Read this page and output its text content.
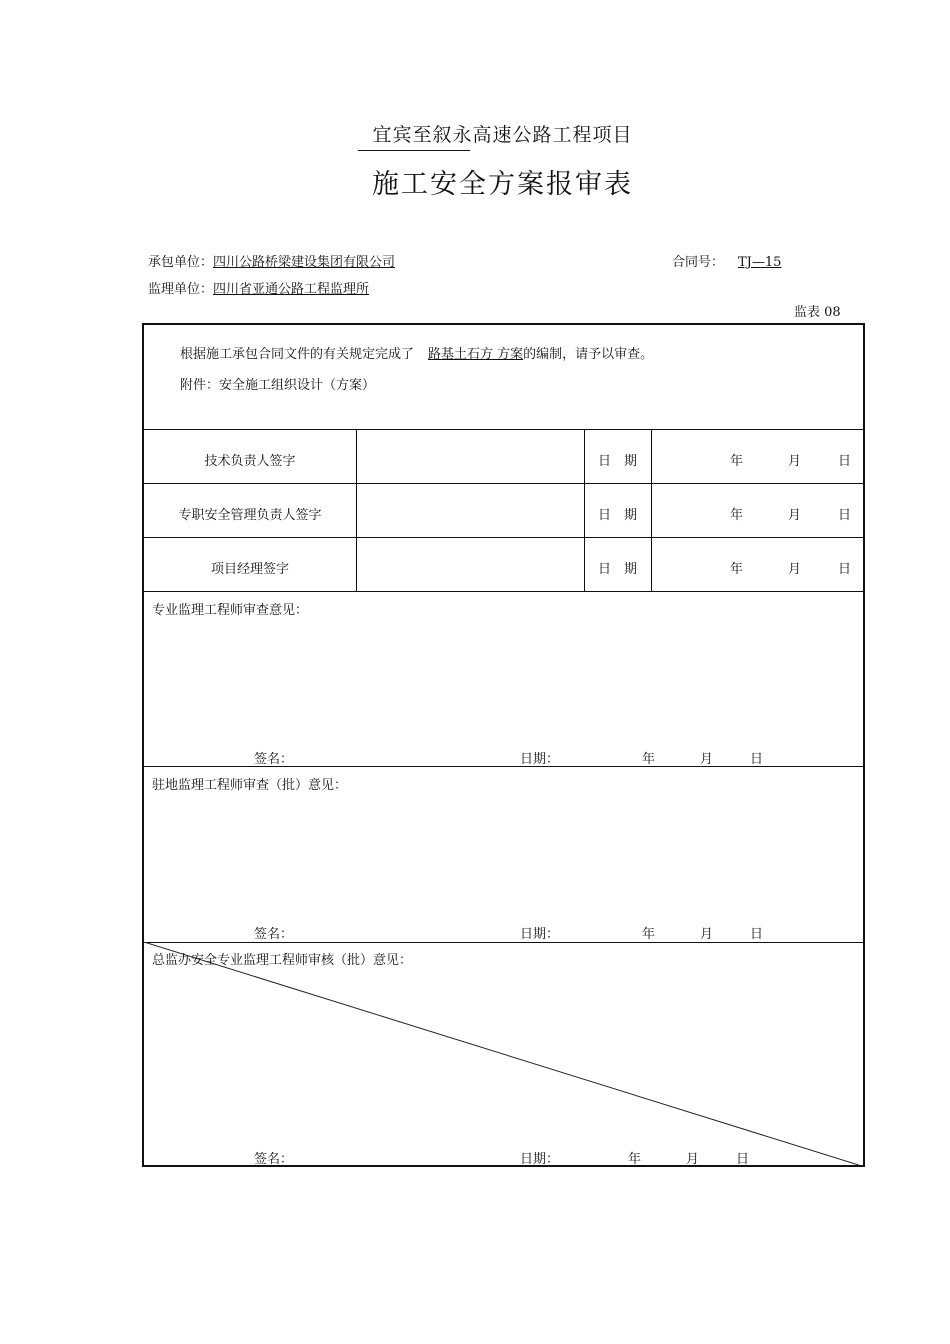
宜宾至叙永高速公路工程项目
施工安全方案报审表
承包单位：四川公路桥梁建设集团有限公司	合同号： TJ—15
监理单位：四川省亚通公路工程监理所
监表 08
根据施工承包合同文件的有关规定完成了 路基土石方 方案的编制，请予以审查。
附件：安全施工组织设计（方案）
技术负责人签字	日　期	年	月	日
专职安全管理负责人签字	日　期	年	月	日
项目经理签字	日　期	年	月	日
专业监理工程师审查意见：
签名：	日期：	年	月	日
驻地监理工程师审查（批）意见：
签名：	日期：	年	月	日
总监办安全专业监理工程师审核（批）意见：
签名：	日期：	年	月	日
